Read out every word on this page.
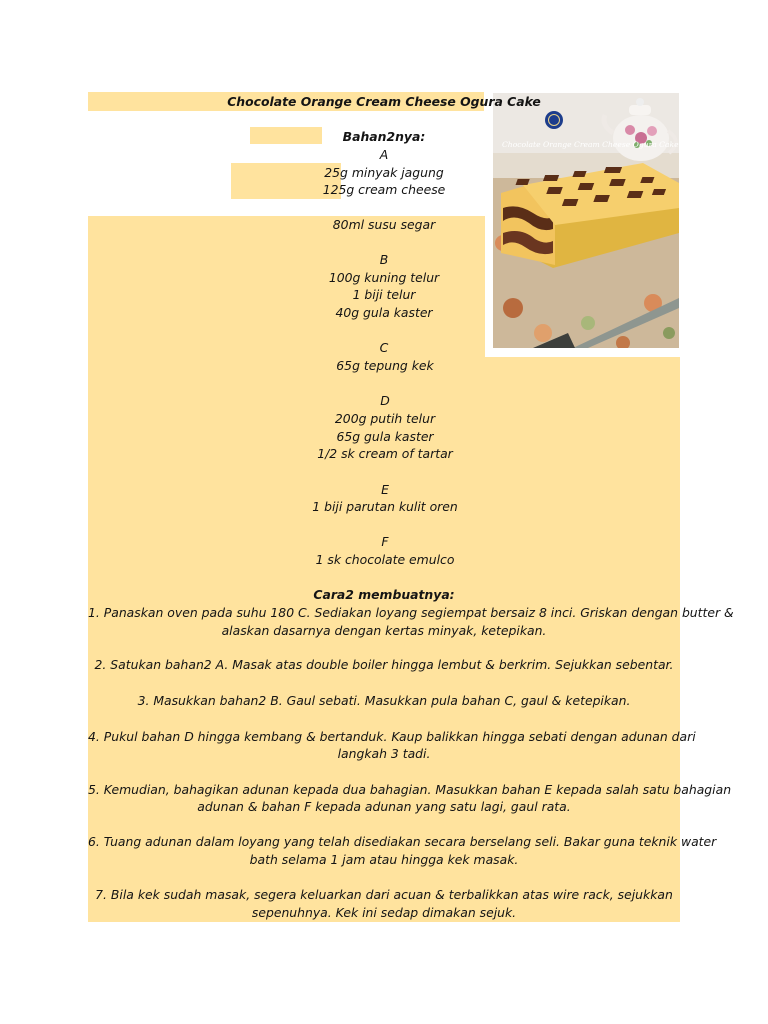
Chocolate Orange Cream Cheese Ogura Cake
Chocolate Orange Cream Cheese Ogura Cake
Bahan2nya:
A
25g minyak jagung
125g cream cheese
80ml susu segar
B
100g kuning telur
1 biji telur
40g gula kaster
C
65g tepung kek
D
200g putih telur
65g gula kaster
1/2 sk cream of tartar
E
1 biji parutan kulit oren
F
1 sk chocolate emulco
Cara2 membuatnya:
1. Panaskan oven pada suhu 180 C. Sediakan loyang segiempat bersaiz 8 inci. Griskan dengan butter &
alaskan dasarnya dengan kertas minyak, ketepikan.
2. Satukan bahan2 A. Masak atas double boiler hingga lembut & berkrim. Sejukkan sebentar.
3. Masukkan bahan2 B. Gaul sebati. Masukkan pula bahan C, gaul & ketepikan.
4. Pukul bahan D hingga kembang & bertanduk. Kaup balikkan hingga sebati dengan adunan dari
langkah 3 tadi.
5. Kemudian, bahagikan adunan kepada dua bahagian. Masukkan bahan E kepada salah satu bahagian
adunan & bahan F kepada adunan yang satu lagi, gaul rata.
6. Tuang adunan dalam loyang yang telah disediakan secara berselang seli. Bakar guna teknik water
bath selama 1 jam atau hingga kek masak.
7. Bila kek sudah masak, segera keluarkan dari acuan & terbalikkan atas wire rack, sejukkan
sepenuhnya. Kek ini sedap dimakan sejuk.
